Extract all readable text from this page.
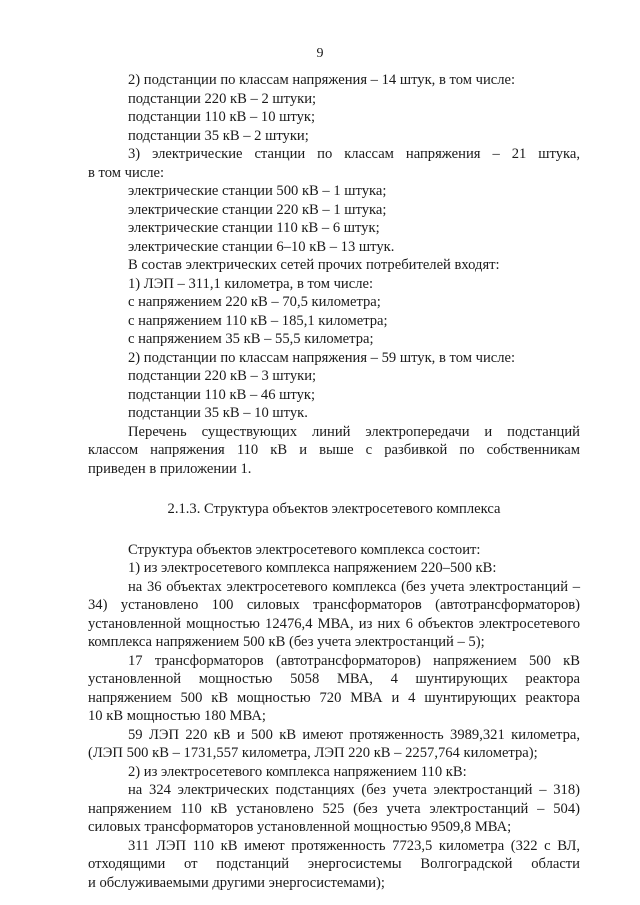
9
2) подстанции по классам напряжения – 14 штук, в том числе:
подстанции 220 кВ – 2 штуки;
подстанции 110 кВ – 10 штук;
подстанции 35 кВ – 2 штуки;
3) электрические станции по классам напряжения – 21 штука,
в том числе:
электрические станции 500 кВ – 1 штука;
электрические станции 220 кВ – 1 штука;
электрические станции 110 кВ – 6 штук;
электрические станции 6–10 кВ – 13 штук.
В состав электрических сетей прочих потребителей входят:
1) ЛЭП – 311,1 километра, в том числе:
с напряжением 220 кВ – 70,5 километра;
с напряжением 110 кВ – 185,1 километра;
с напряжением 35 кВ – 55,5 километра;
2) подстанции по классам напряжения – 59 штук, в том числе:
подстанции 220 кВ – 3 штуки;
подстанции 110 кВ – 46 штук;
подстанции 35 кВ – 10 штук.
Перечень существующих линий электропередачи и подстанций
классом напряжения 110 кВ и выше с разбивкой по собственникам
приведен в приложении 1.
2.1.3. Структура объектов электросетевого комплекса
Структура объектов электросетевого комплекса состоит:
1) из электросетевого комплекса напряжением 220–500 кВ:
на 36 объектах электросетевого комплекса (без учета электростанций –
34) установлено 100 силовых трансформаторов (автотрансформаторов)
установленной мощностью 12476,4 МВА, из них 6 объектов электросетевого
комплекса напряжением 500 кВ (без учета электростанций – 5);
17 трансформаторов (автотрансформаторов) напряжением 500 кВ
установленной мощностью 5058 МВА, 4 шунтирующих реактора
напряжением 500 кВ мощностью 720 МВА и 4 шунтирующих реактора
10 кВ мощностью 180 МВА;
59 ЛЭП 220 кВ и 500 кВ имеют протяженность 3989,321 километра,
(ЛЭП 500 кВ – 1731,557 километра, ЛЭП 220 кВ – 2257,764 километра);
2) из электросетевого комплекса напряжением 110 кВ:
на 324 электрических подстанциях (без учета электростанций – 318)
напряжением 110 кВ установлено 525 (без учета электростанций – 504)
силовых трансформаторов установленной мощностью 9509,8 МВА;
311 ЛЭП 110 кВ имеют протяженность 7723,5 километра (322 с ВЛ,
отходящими от подстанций энергосистемы Волгоградской области
и обслуживаемыми другими энергосистемами);
